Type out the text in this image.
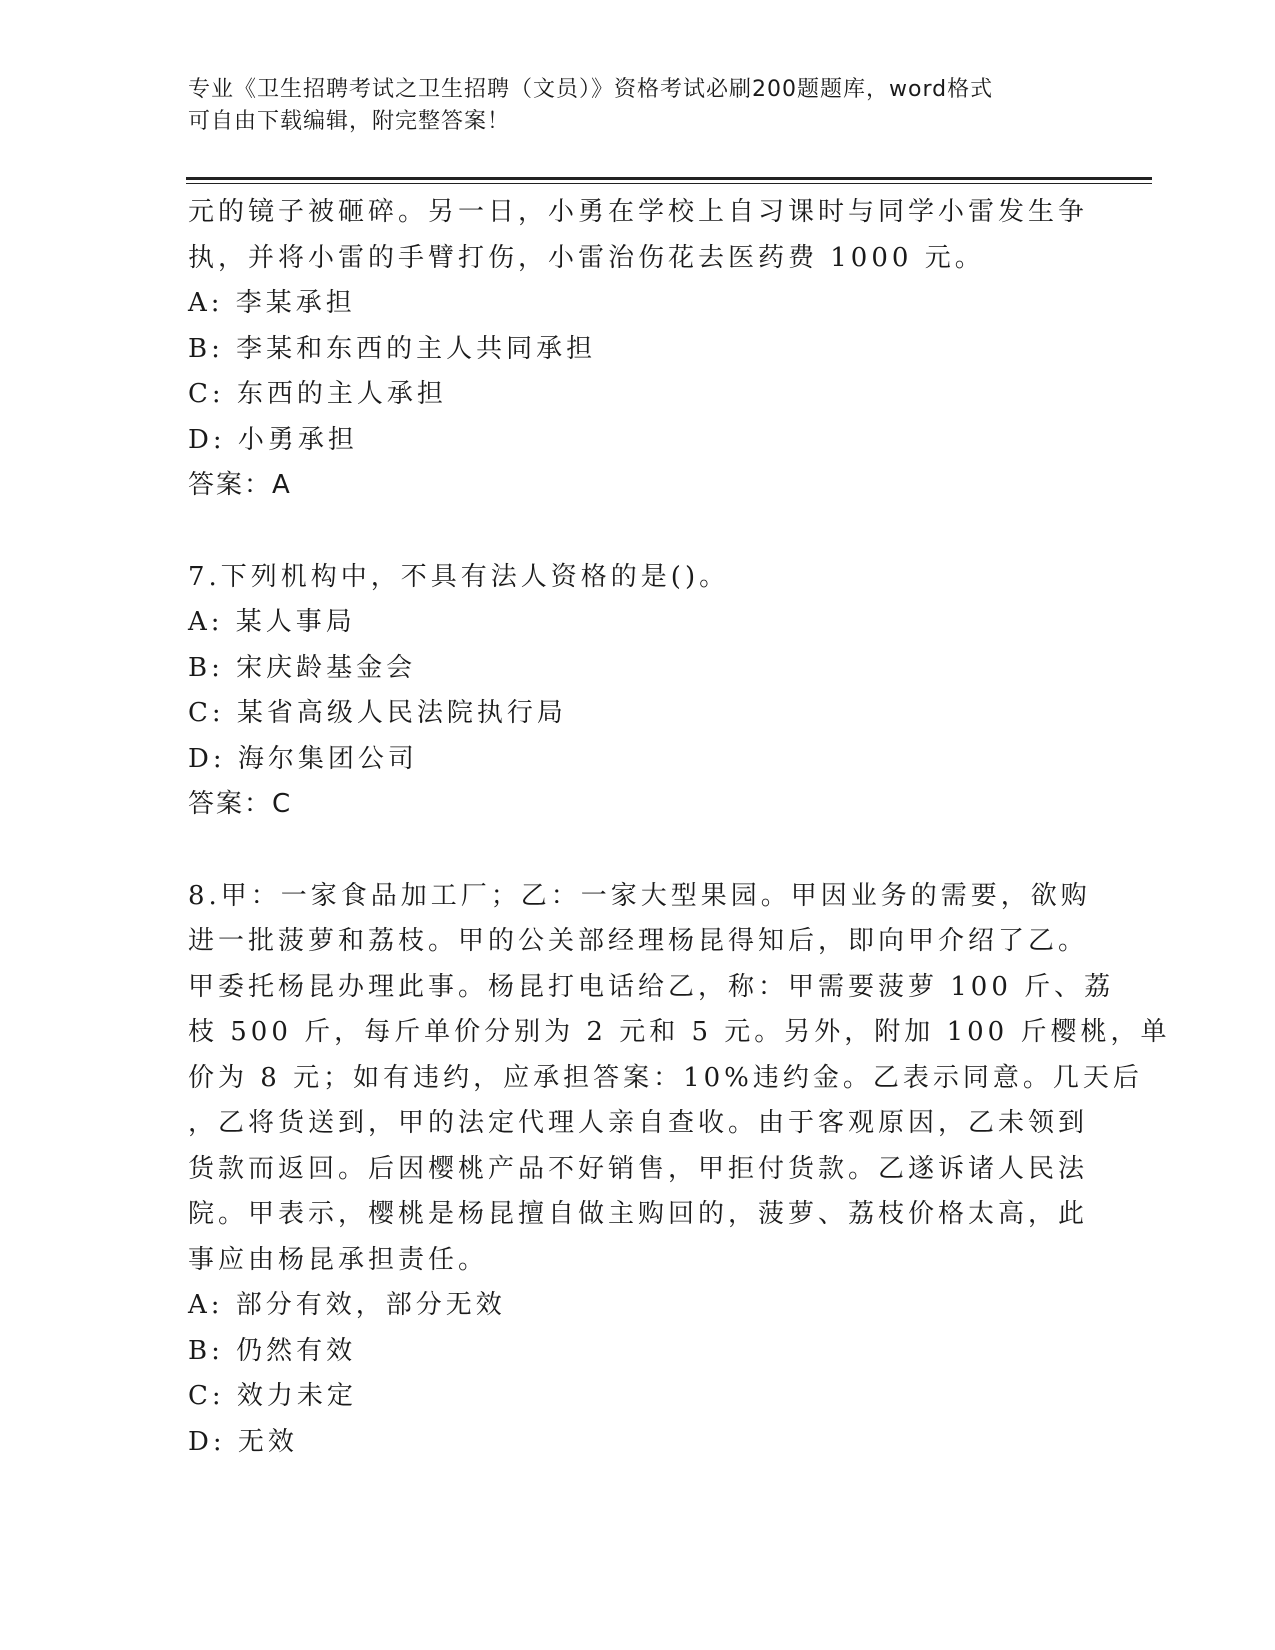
专业《卫生招聘考试之卫生招聘（文员）》资格考试必刷200题题库，word格式
可自由下载编辑，附完整答案！
元的镜子被砸碎。另一日，小勇在学校上自习课时与同学小雷发生争
执，并将小雷的手臂打伤，小雷治伤花去医药费 1000 元。
A: 李某承担
B: 李某和东西的主人共同承担
C: 东西的主人承担
D: 小勇承担
答案：A
7.下列机构中，不具有法人资格的是()。
A: 某人事局
B: 宋庆龄基金会
C: 某省高级人民法院执行局
D: 海尔集团公司
答案：C
8.甲：一家食品加工厂；乙：一家大型果园。甲因业务的需要，欲购
进一批菠萝和荔枝。甲的公关部经理杨昆得知后，即向甲介绍了乙。
甲委托杨昆办理此事。杨昆打电话给乙，称：甲需要菠萝 100 斤、荔
枝 500 斤，每斤单价分别为 2 元和 5 元。另外，附加 100 斤樱桃，单
价为 8 元；如有违约，应承担答案：10%违约金。乙表示同意。几天后
，乙将货送到，甲的法定代理人亲自查收。由于客观原因，乙未领到
货款而返回。后因樱桃产品不好销售，甲拒付货款。乙遂诉诸人民法
院。甲表示，樱桃是杨昆擅自做主购回的，菠萝、荔枝价格太高，此
事应由杨昆承担责任。
A: 部分有效，部分无效
B: 仍然有效
C: 效力未定
D: 无效
